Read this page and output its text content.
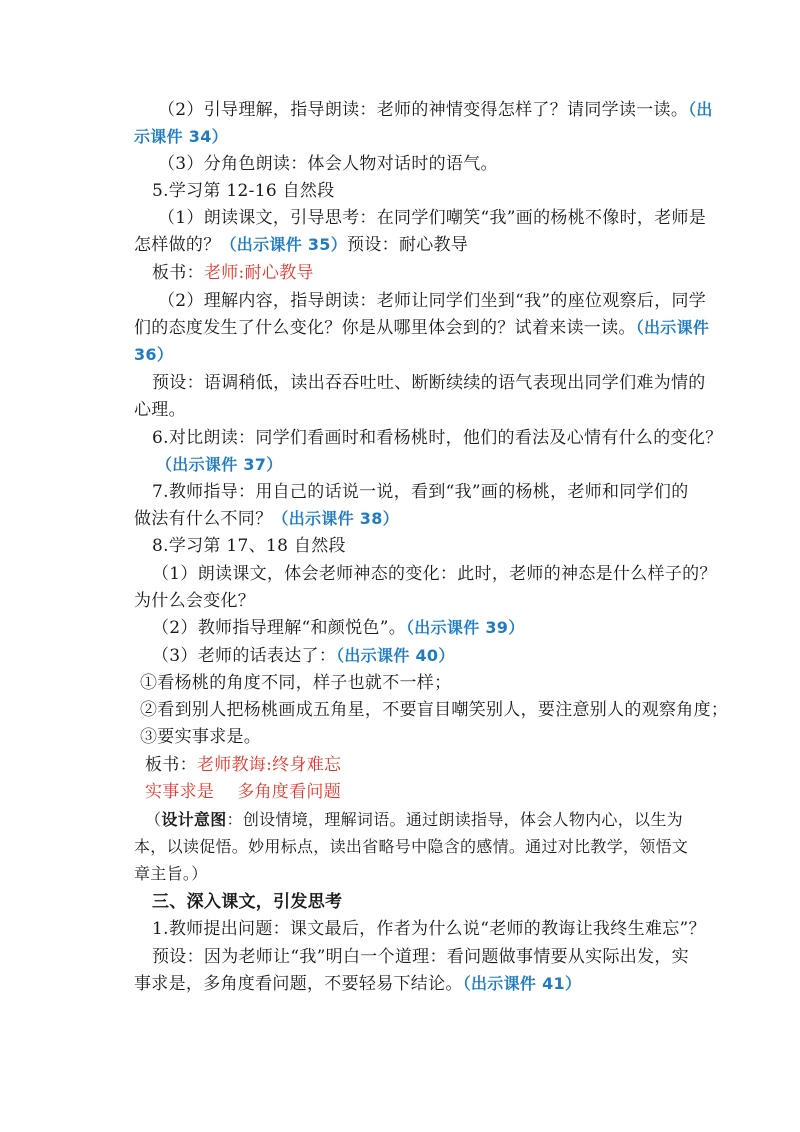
（2）引导理解，指导朗读：老师的神情变得怎样了？请同学读一读。（出
示课件 34）
（3）分角色朗读：体会人物对话时的语气。
5.学习第 12-16 自然段
（1）朗读课文，引导思考：在同学们嘲笑“我”画的杨桃不像时，老师是
怎样做的？（出示课件 35）预设：耐心教导
板书：老师:耐心教导
（2）理解内容，指导朗读：老师让同学们坐到“我”的座位观察后，同学
们的态度发生了什么变化？你是从哪里体会到的？试着来读一读。（出示课件
36）
预设：语调稍低，读出吞吞吐吐、断断续续的语气表现出同学们难为情的
心理。
6.对比朗读：同学们看画时和看杨桃时，他们的看法及心情有什么的变化？
（出示课件 37）
7.教师指导：用自己的话说一说，看到“我”画的杨桃，老师和同学们的
做法有什么不同？（出示课件 38）
8.学习第 17、18 自然段
（1）朗读课文，体会老师神态的变化：此时，老师的神态是什么样子的？
为什么会变化？
（2）教师指导理解“和颜悦色”。（出示课件 39）
（3）老师的话表达了：（出示课件 40）
①看杨桃的角度不同，样子也就不一样；
②看到别人把杨桃画成五角星，不要盲目嘲笑别人，要注意别人的观察角度；
③要实事求是。
板书：老师教诲:终身难忘
实事求是　 多角度看问题
（设计意图：创设情境，理解词语。通过朗读指导，体会人物内心，以生为
本，以读促悟。妙用标点，读出省略号中隐含的感情。通过对比教学，领悟文
章主旨。）
三、深入课文，引发思考
1.教师提出问题：课文最后，作者为什么说“老师的教诲让我终生难忘”？
预设：因为老师让“我”明白一个道理：看问题做事情要从实际出发，实
事求是，多角度看问题，不要轻易下结论。（出示课件 41）
